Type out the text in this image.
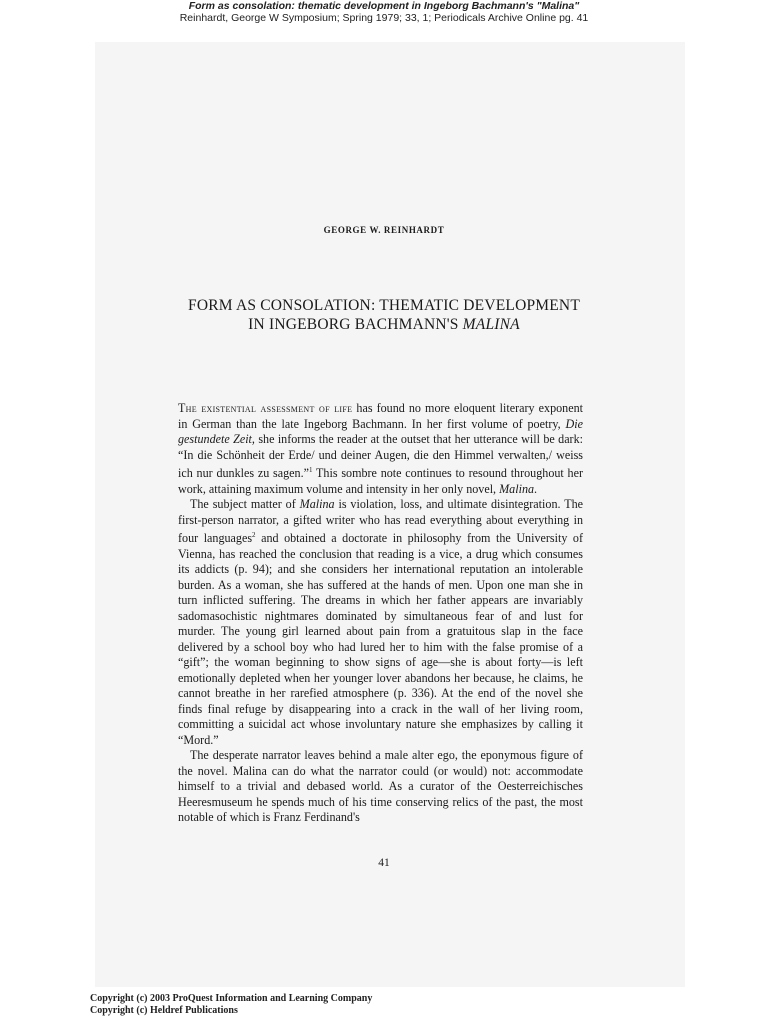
Form as consolation: thematic development in Ingeborg Bachmann's "Malina"
Reinhardt, George W Symposium; Spring 1979; 33, 1; Periodicals Archive Online pg. 41
GEORGE W. REINHARDT
FORM AS CONSOLATION: THEMATIC DEVELOPMENT
IN INGEBORG BACHMANN'S MALINA

The existential assessment of life has found no more eloquent literary exponent in German than the late Ingeborg Bachmann. In her first volume of poetry, Die gestundete Zeit, she informs the reader at the outset that her utterance will be dark: “In die Schönheit der Erde/ und deiner Augen, die den Himmel verwalten,/ weiss ich nur dunkles zu sagen.”$^1$ This sombre note continues to resound throughout her work, attaining maximum volume and intensity in her only novel, Malina.

The subject matter of Malina is violation, loss, and ultimate disintegration. The first-person narrator, a gifted writer who has read everything about everything in four languages$^2$ and obtained a doctorate in philosophy from the University of Vienna, has reached the conclusion that reading is a vice, a drug which consumes its addicts (p. 94); and she considers her international reputation an intolerable burden. As a woman, she has suffered at the hands of men. Upon one man she in turn inflicted suffering. The dreams in which her father appears are invariably sadomasochistic nightmares dominated by simultaneous fear of and lust for murder. The young girl learned about pain from a gratuitous slap in the face delivered by a school boy who had lured her to him with the false promise of a “gift”; the woman beginning to show signs of age—she is about forty—is left emotionally depleted when her younger lover abandons her because, he claims, he cannot breathe in her rarefied atmosphere (p. 336). At the end of the novel she finds final refuge by disappearing into a crack in the wall of her living room, committing a suicidal act whose involuntary nature she emphasizes by calling it “Mord.”

The desperate narrator leaves behind a male alter ego, the eponymous figure of the novel. Malina can do what the narrator could (or would) not: accommodate himself to a trivial and debased world. As a curator of the Oesterreichisches Heeresmuseum he spends much of his time conserving relics of the past, the most notable of which is Franz Ferdinand's

41
Copyright (c) 2003 ProQuest Information and Learning Company
Copyright (c) Heldref Publications
